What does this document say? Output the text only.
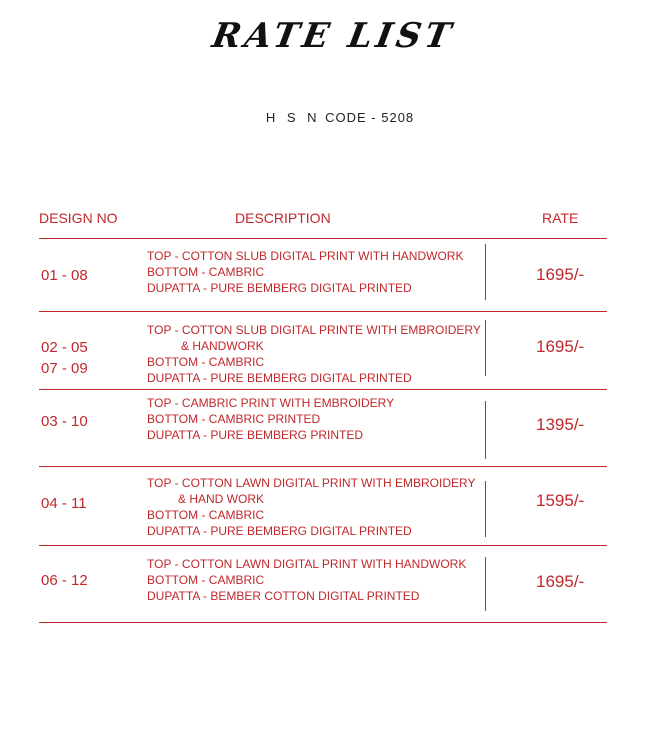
RATE LIST
H S N CODE - 5208
DESIGN NO	DESCRIPTION	RATE
01 - 08
TOP - COTTON SLUB DIGITAL PRINT WITH HANDWORK
BOTTOM - CAMBRIC
DUPATTA - PURE BEMBERG DIGITAL PRINTED
1695/-
02 - 05
07 - 09
TOP - COTTON SLUB DIGITAL PRINTE WITH EMBROIDERY
& HANDWORK
BOTTOM - CAMBRIC
DUPATTA - PURE BEMBERG DIGITAL PRINTED
1695/-
03 - 10
TOP - CAMBRIC PRINT WITH EMBROIDERY
BOTTOM - CAMBRIC PRINTED
DUPATTA - PURE BEMBERG PRINTED
1395/-
04 - 11
TOP - COTTON LAWN DIGITAL PRINT WITH EMBROIDERY
& HAND WORK
BOTTOM - CAMBRIC
DUPATTA - PURE BEMBERG DIGITAL PRINTED
1595/-
06 - 12
TOP - COTTON LAWN DIGITAL PRINT WITH HANDWORK
BOTTOM - CAMBRIC
DUPATTA - BEMBER COTTON DIGITAL PRINTED
1695/-
